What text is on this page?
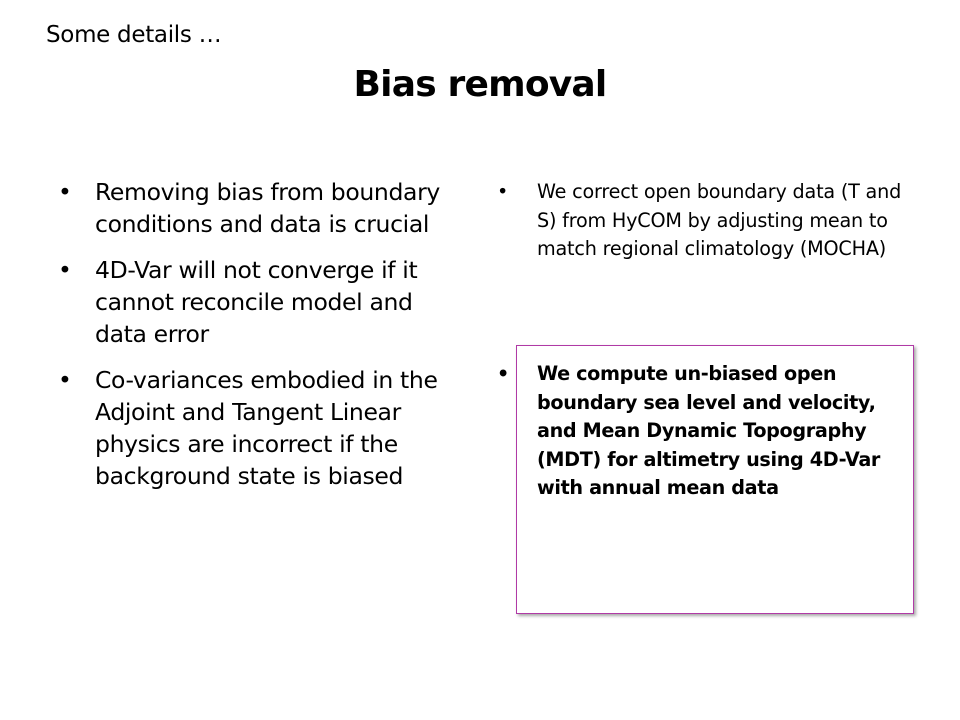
Some details …
Bias removal
• Removing bias from boundary conditions and data is crucial
• 4D-Var will not converge if it cannot reconcile model and data error
• Co-variances embodied in the Adjoint and Tangent Linear physics are incorrect if the background state is biased
• We correct open boundary data (T and S) from HyCOM by adjusting mean to match regional climatology (MOCHA)
• We compute un-biased open boundary sea level and velocity, and Mean Dynamic Topography (MDT) for altimetry using 4D-Var with annual mean data
